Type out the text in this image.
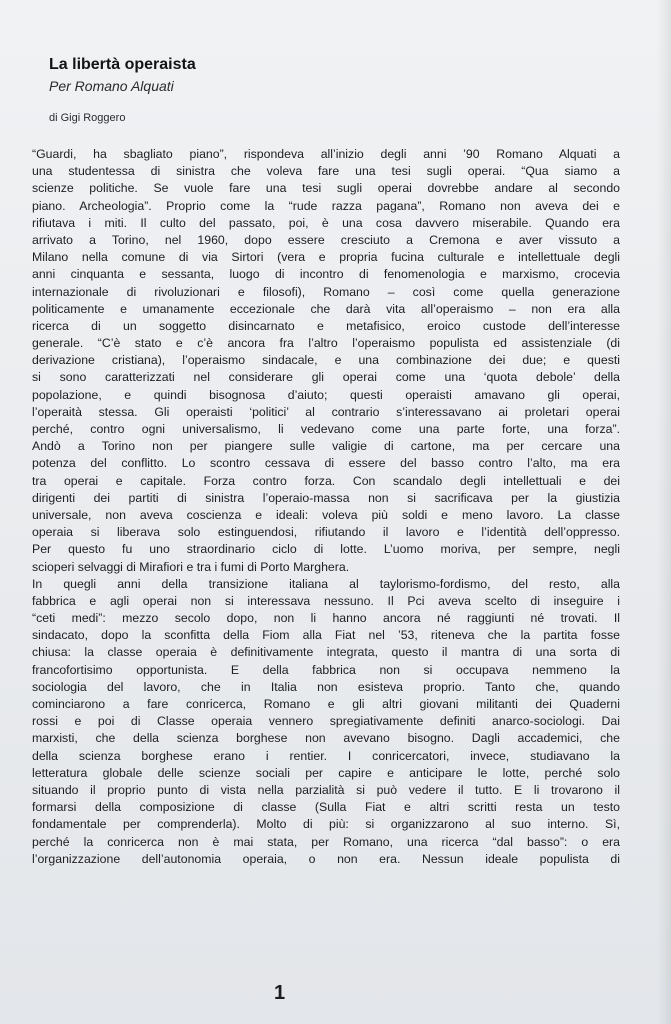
La libertà operaista
Per Romano Alquati
di Gigi Roggero
“Guardi, ha sbagliato piano”, rispondeva all’inizio degli anni ’90 Romano Alquati a
una studentessa di sinistra che voleva fare una tesi sugli operai. “Qua siamo a
scienze politiche. Se vuole fare una tesi sugli operai dovrebbe andare al secondo
piano. Archeologia”. Proprio come la “rude razza pagana”, Romano non aveva dei e
rifiutava i miti. Il culto del passato, poi, è una cosa davvero miserabile. Quando era
arrivato a Torino, nel 1960, dopo essere cresciuto a Cremona e aver vissuto a
Milano nella comune di via Sirtori (vera e propria fucina culturale e intellettuale degli
anni cinquanta e sessanta, luogo di incontro di fenomenologia e marxismo, crocevia
internazionale di rivoluzionari e filosofi), Romano – così come quella generazione
politicamente e umanamente eccezionale che darà vita all’operaismo – non era alla
ricerca di un soggetto disincarnato e metafisico, eroico custode dell’interesse
generale. “C’è stato e c’è ancora fra l’altro l’operaismo populista ed assistenziale (di
derivazione cristiana), l’operaismo sindacale, e una combinazione dei due; e questi
si sono caratterizzati nel considerare gli operai come una ‘quota debole’ della
popolazione, e quindi bisognosa d’aiuto; questi operaisti amavano gli operai,
l’operaità stessa. Gli operaisti ‘politici’ al contrario s’interessavano ai proletari operai
perché, contro ogni universalismo, li vedevano come una parte forte, una forza”.
Andò a Torino non per piangere sulle valigie di cartone, ma per cercare una
potenza del conflitto. Lo scontro cessava di essere del basso contro l’alto, ma era
tra operai e capitale. Forza contro forza. Con scandalo degli intellettuali e dei
dirigenti dei partiti di sinistra l’operaio-massa non si sacrificava per la giustizia
universale, non aveva coscienza e ideali: voleva più soldi e meno lavoro. La classe
operaia si liberava solo estinguendosi, rifiutando il lavoro e l’identità dell’oppresso.
Per questo fu uno straordinario ciclo di lotte. L’uomo moriva, per sempre, negli
scioperi selvaggi di Mirafiori e tra i fumi di Porto Marghera.
In quegli anni della transizione italiana al taylorismo-fordismo, del resto, alla
fabbrica e agli operai non si interessava nessuno. Il Pci aveva scelto di inseguire i
“ceti medi”: mezzo secolo dopo, non li hanno ancora né raggiunti né trovati. Il
sindacato, dopo la sconfitta della Fiom alla Fiat nel ’53, riteneva che la partita fosse
chiusa: la classe operaia è definitivamente integrata, questo il mantra di una sorta di
francofortisimo opportunista. E della fabbrica non si occupava nemmeno la
sociologia del lavoro, che in Italia non esisteva proprio. Tanto che, quando
cominciarono a fare conricerca, Romano e gli altri giovani militanti dei Quaderni
rossi e poi di Classe operaia vennero spregiativamente definiti anarco-sociologi. Dai
marxisti, che della scienza borghese non avevano bisogno. Dagli accademici, che
della scienza borghese erano i rentier. I conricercatori, invece, studiavano la
letteratura globale delle scienze sociali per capire e anticipare le lotte, perché solo
situando il proprio punto di vista nella parzialità si può vedere il tutto. E li trovarono il
formarsi della composizione di classe (Sulla Fiat e altri scritti resta un testo
fondamentale per comprenderla). Molto di più: si organizzarono al suo interno. Sì,
perché la conricerca non è mai stata, per Romano, una ricerca “dal basso”: o era
l’organizzazione dell’autonomia operaia, o non era. Nessun ideale populista di
1
